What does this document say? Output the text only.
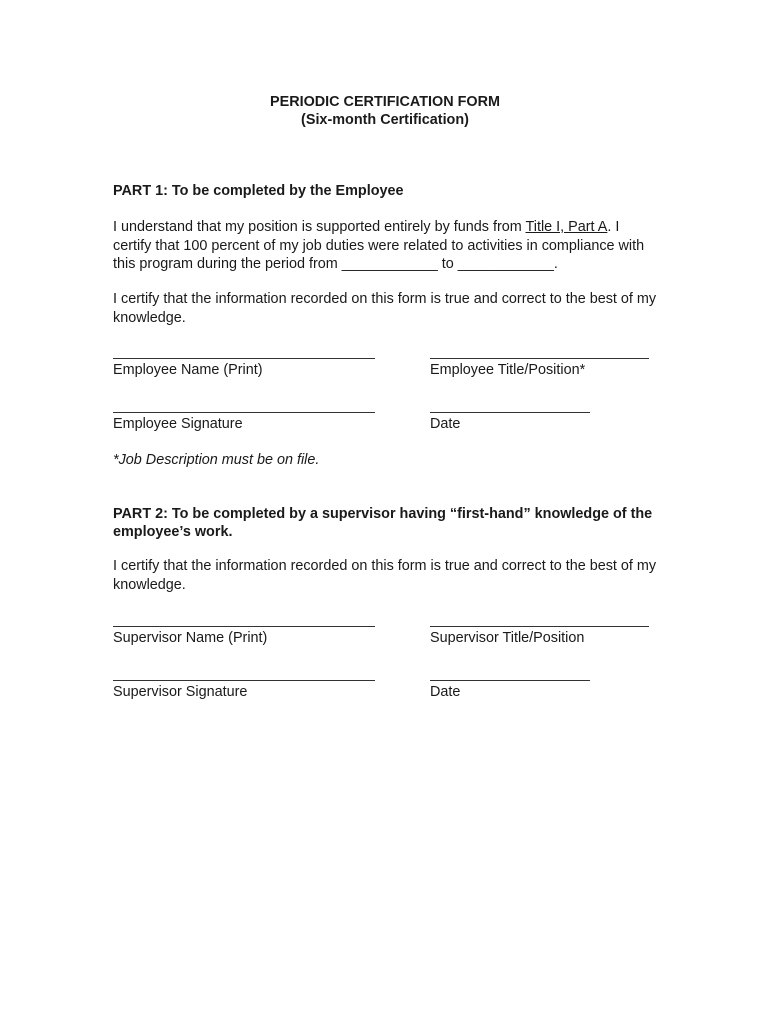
PERIODIC CERTIFICATION FORM
(Six-month Certification)
PART 1: To be completed by the Employee
I understand that my position is supported entirely by funds from Title I, Part A. I certify that 100 percent of my job duties were related to activities in compliance with this program during the period from ____________ to ____________.
I certify that the information recorded on this form is true and correct to the best of my knowledge.
Employee Name (Print)	Employee Title/Position*
Employee Signature	Date
*Job Description must be on file.
PART 2: To be completed by a supervisor having “first-hand” knowledge of the employee’s work.
I certify that the information recorded on this form is true and correct to the best of my knowledge.
Supervisor Name (Print)	Supervisor Title/Position
Supervisor Signature	Date
